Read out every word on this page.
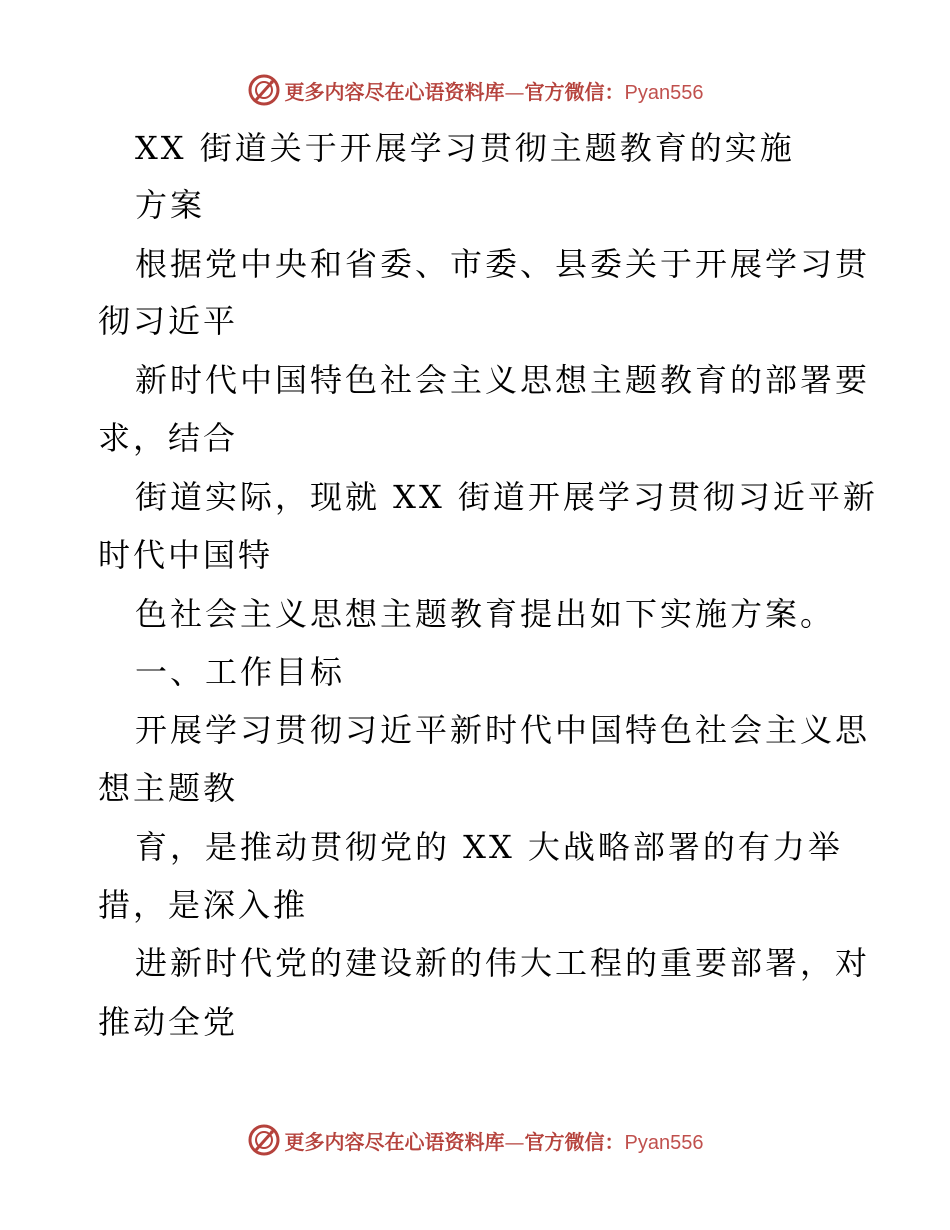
更多内容尽在心语资料库—官方微信：Pyan556
XX 街道关于开展学习贯彻主题教育的实施
方案
根据党中央和省委、市委、县委关于开展学习贯
彻习近平
新时代中国特色社会主义思想主题教育的部署要
求，结合
街道实际，现就 XX 街道开展学习贯彻习近平新
时代中国特
色社会主义思想主题教育提出如下实施方案。
一、工作目标
开展学习贯彻习近平新时代中国特色社会主义思
想主题教
育，是推动贯彻党的 XX 大战略部署的有力举
措，是深入推
进新时代党的建设新的伟大工程的重要部署，对
推动全党
更多内容尽在心语资料库—官方微信：Pyan556
